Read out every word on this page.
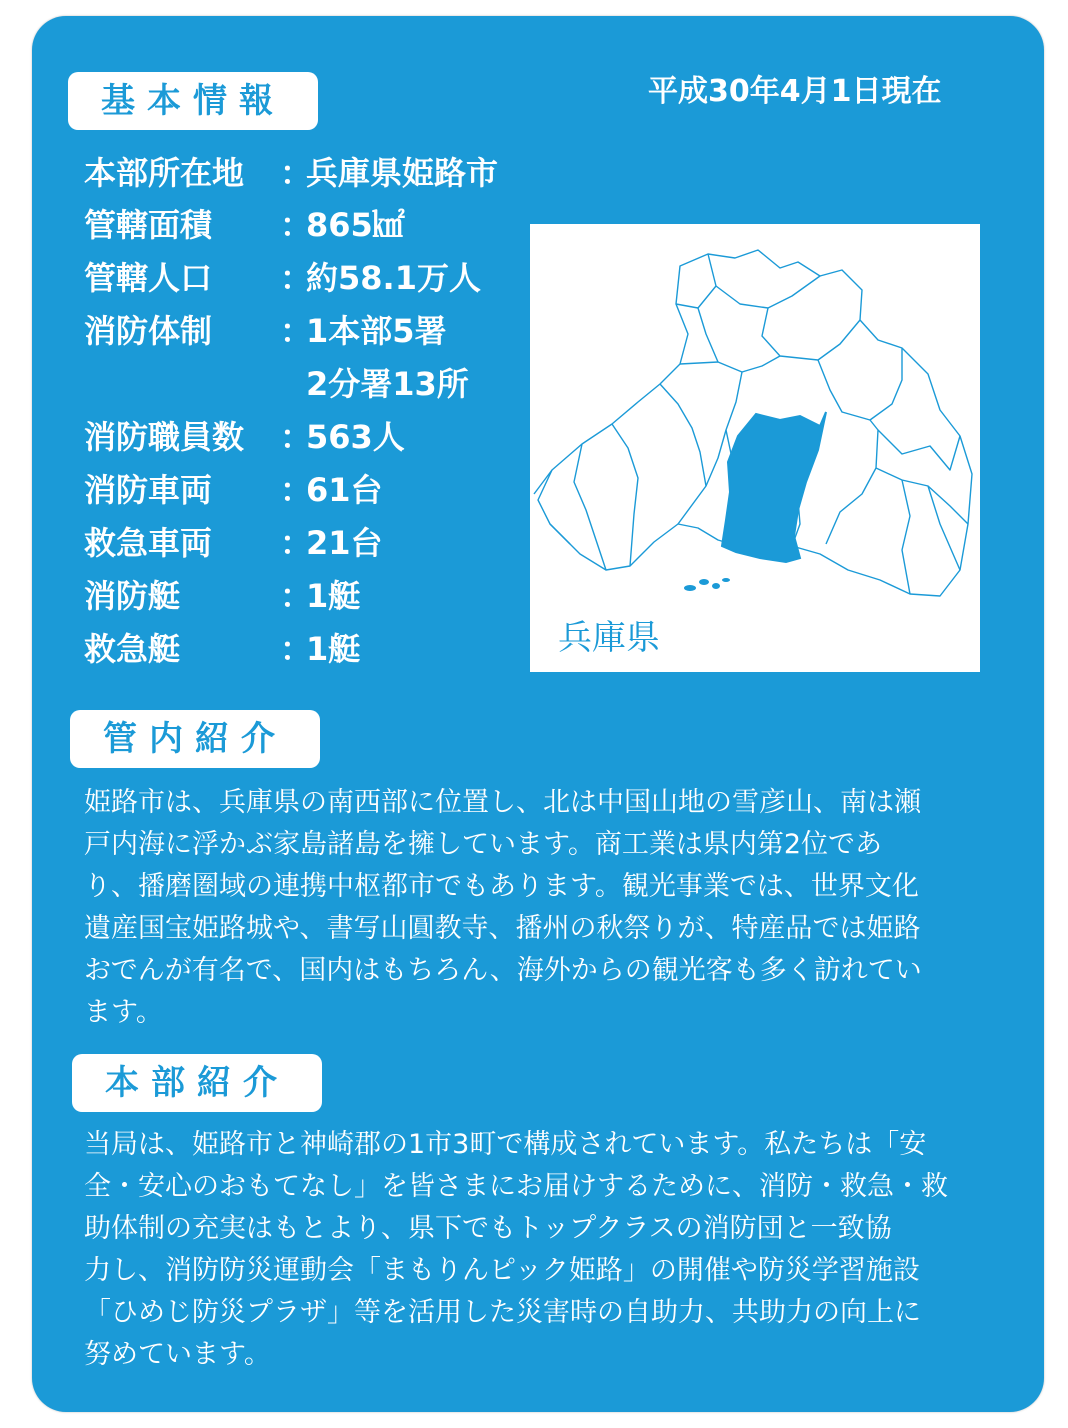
基本情報	平成30年4月1日現在
本部所在地 ：
兵庫県姫路市
管轄面積 ：
865㎢
管轄人口 ：
約58.1万人
消防体制 ：
1本部5署
2分署13所
消防職員数 ：
563人
消防車両 ：
61台
救急車両 ：
21台
消防艇	：
1艇
救急艇	：
1艇	兵庫県
管内紹介
姫路市は、兵庫県の南西部に位置し、北は中国山地の雪彦山、南は瀬
戸内海に浮かぶ家島諸島を擁しています。商工業は県内第2位であ
り、播磨圏域の連携中枢都市でもあります。観光事業では、世界文化
遺産国宝姫路城や、書写山圓教寺、播州の秋祭りが、特産品では姫路
おでんが有名で、国内はもちろん、海外からの観光客も多く訪れてい
ます。
本部紹介
当局は、姫路市と神崎郡の1市3町で構成されています。私たちは「安
全・安心のおもてなし」を皆さまにお届けするために、消防・救急・救
助体制の充実はもとより、県下でもトップクラスの消防団と一致協
力し、消防防災運動会「まもりんピック姫路」の開催や防災学習施設
「ひめじ防災プラザ」等を活用した災害時の自助力、共助力の向上に
努めています。
